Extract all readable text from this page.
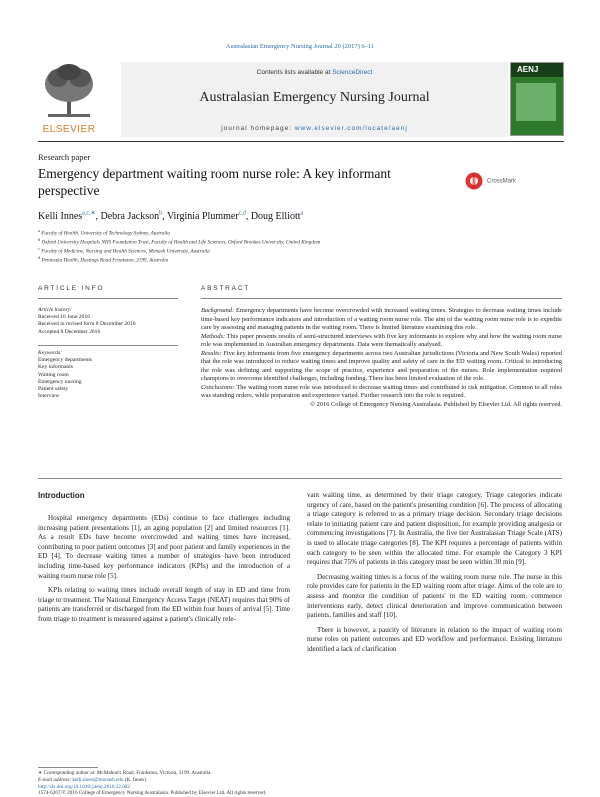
Australasian Emergency Nursing Journal 20 (2017) 6–11
ELSEVIER
Contents lists available at ScienceDirect
Australasian Emergency Nursing Journal
journal homepage: www.elsevier.com/locate/aenj
AENJ
Research paper
Emergency department waiting room nurse role: A key informant perspective
CrossMark
Kelli Innes$^{a,c,∗}$, Debra Jackson$^b$, Virginia Plummer$^{c,d}$, Doug Elliott$^a$
$^a$ Faculty of Health, University of Technology Sydney, Australia
$^b$ Oxford University Hospitals NHS Foundation Trust, Faculty of Health and Life Sciences, Oxford Brookes University, United Kingdom
$^c$ Faculty of Medicine, Nursing and Health Sciences, Monash University, Australia
$^d$ Peninsula Health, Hastings Road Frankston, 3199, Australia
ARTICLE INFO	ABSTRACT
Article history:
Received 16 June 2016
Received in revised form 8 December 2016
Accepted 8 December 2016
Keywords:
Emergency departments
Key informants
Waiting room
Emergency nursing
Patient safety
Interview

Background: Emergency departments have become overcrowded with increased waiting times. Strategies to decrease waiting times include time-based key performance indicators and introduction of a waiting room nurse role. The aim of the waiting room nurse role is to expedite care by assessing and managing patients in the waiting room. There is limited literature examining this role.

Methods: This paper presents results of semi-structured interviews with five key informants to explore why and how the waiting room nurse role was implemented in Australian emergency departments. Data were thematically analysed.

Results: Five key informants from five emergency departments across two Australian jurisdictions (Victoria and New South Wales) reported that the role was introduced to reduce waiting times and improve quality and safety of care in the ED waiting room. Critical to introducing the role was defining and supporting the scope of practice, experience and preparation of the nurses. Role implementation required champions to overcome identified challenges, including funding. There has been limited evaluation of the role.

Conclusions: The waiting room nurse role was introduced to decrease waiting times and contributed to risk mitigation. Common to all roles was standing orders, while preparation and experience varied. Further research into the role is required.

© 2016 College of Emergency Nursing Australasia. Published by Elsevier Ltd. All rights reserved.

Introduction

Hospital emergency departments (EDs) continue to face challenges including increasing patient presentations [1], an aging population [2] and limited resources [1]. As a result EDs have become overcrowded and waiting times have increased, contributing to poor patient outcomes [3] and poor patient and family experiences in the ED [4]. To decrease waiting times a number of strategies have been introduced including time-based key performance indicators (KPIs) and the introduction of a waiting room nurse role [5].

KPIs relating to waiting times include overall length of stay in ED and time from triage to treatment. The National Emergency Access Target (NEAT) requires that 90% of patients are transferred or discharged from the ED within four hours of arrival [5]. Time from triage to treatment is measured against a patient's clinically rele-

vant waiting time, as determined by their triage category. Triage categories indicate urgency of care, based on the patient's presenting condition [6]. The process of allocating a triage category is referred to as a primary triage decision. Secondary triage decisions relate to initiating patient care and patient disposition, for example providing analgesia or commencing investigations [7]. In Australia, the five tier Australasian Triage Scale (ATS) is used to allocate triage categories [8]. The KPI requires a percentage of patients within each category to be seen within the allocated time. For example the Category 3 KPI requires that 75% of patients in this category must be seen within 30 min [9].

Decreasing waiting times is a focus of the waiting room nurse role. The nurse in this role provides care for patients in the ED waiting room after triage. Aims of the role are to assess and monitor the condition of patients' in the ED waiting room, commence interventions early, detect clinical deterioration and improve communication between patients, families and staff [10].

There is however, a paucity of literature in relation to the impact of waiting room nurse roles on patient outcomes and ED workflow and performance. Existing literature identified a lack of clarification

∗ Corresponding author at: McMahon's Road, Frankston, Victoria, 3199. Australia.
E-mail address: kelli.innes@monash.edu (K. Innes).
http://dx.doi.org/10.1016/j.aenj.2016.12.002
1574-6267/© 2016 College of Emergency Nursing Australasia. Published by Elsevier Ltd. All rights reserved.
